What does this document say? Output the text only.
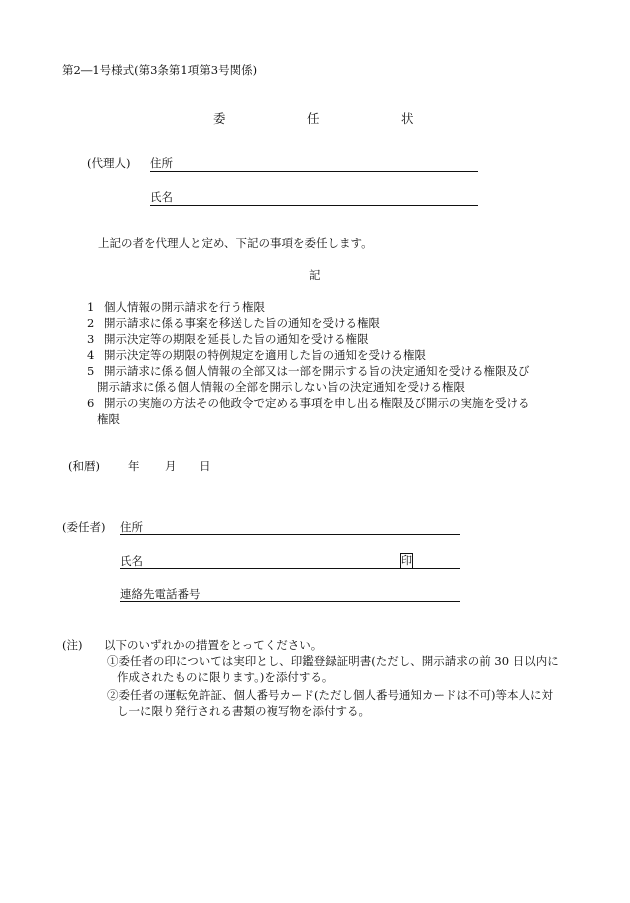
第2―1号様式(第3条第1項第3号関係)
委	任	状
(代理人) 住所
氏名
上記の者を代理人と定め、下記の事項を委任します。
記
1 個人情報の開示請求を行う権限
2 開示請求に係る事案を移送した旨の通知を受ける権限
3 開示決定等の期限を延長した旨の通知を受ける権限
4 開示決定等の期限の特例規定を適用した旨の通知を受ける権限
5 開示請求に係る個人情報の全部又は一部を開示する旨の決定通知を受ける権限及び
開示請求に係る個人情報の全部を開示しない旨の決定通知を受ける権限
6 開示の実施の方法その他政令で定める事項を申し出る権限及び開示の実施を受ける
権限
(和暦) 年 月 日
(委任者) 住所
氏名	印
連絡先電話番号
(注) 以下のいずれかの措置をとってください。
①委任者の印については実印とし、印鑑登録証明書(ただし、開示請求の前 30 日以内に
作成されたものに限ります。)を添付する。
②委任者の運転免許証、個人番号カード(ただし個人番号通知カードは不可)等本人に対
し一に限り発行される書類の複写物を添付する。
